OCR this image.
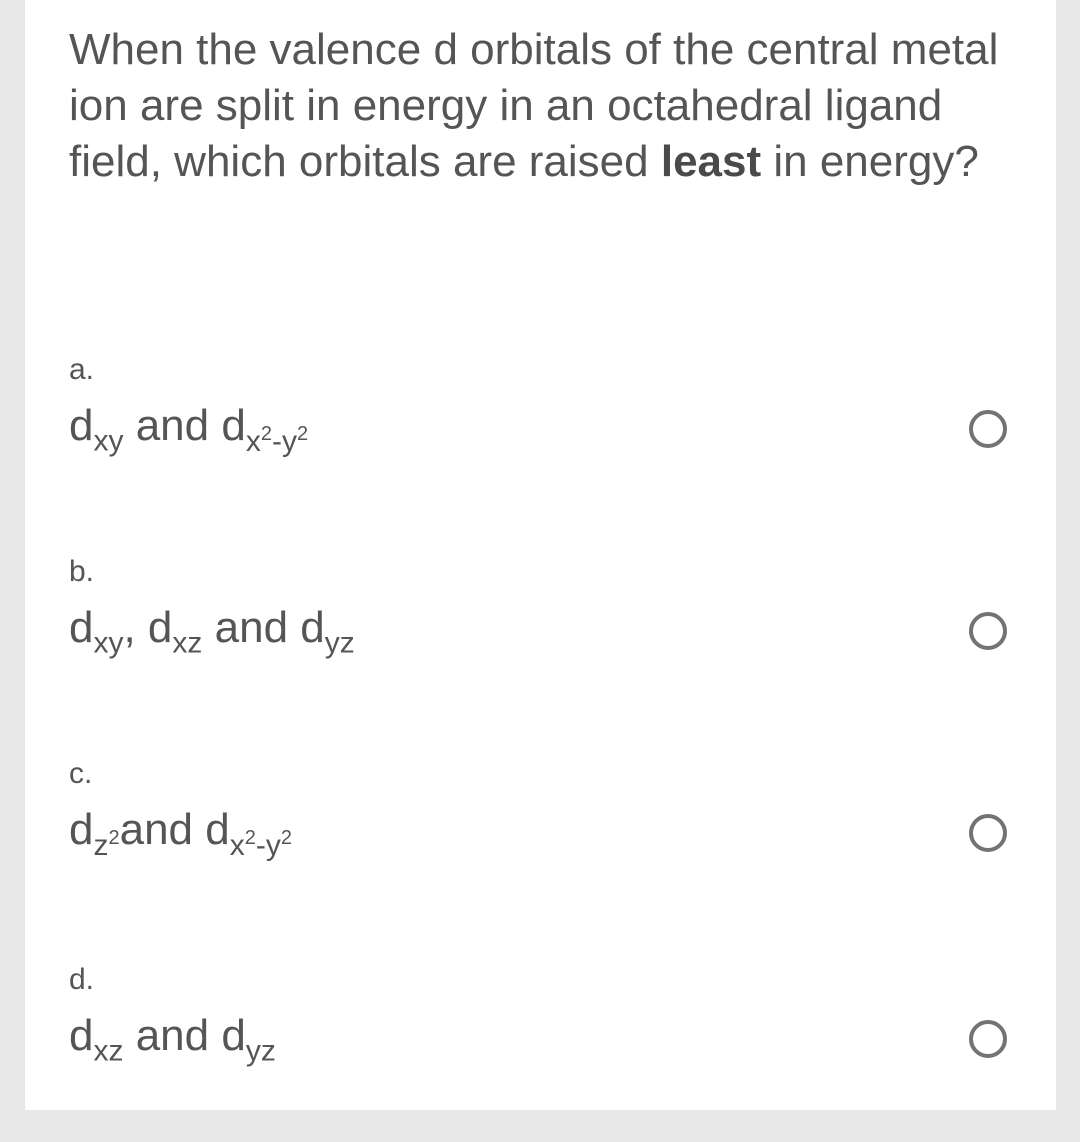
When the valence d orbitals of the central metal ion are split in energy in an octahedral ligand field, which orbitals are raised least in energy?

a.
$d_{xy}$ and $d_{x^2-y^2}$
b.
$d_{xy}$, $d_{xz}$ and $d_{yz}$
c.
$d_{z^2}and$ $d_{x^2-y^2}$
d.
$d_{xz}$ and $d_{yz}$
